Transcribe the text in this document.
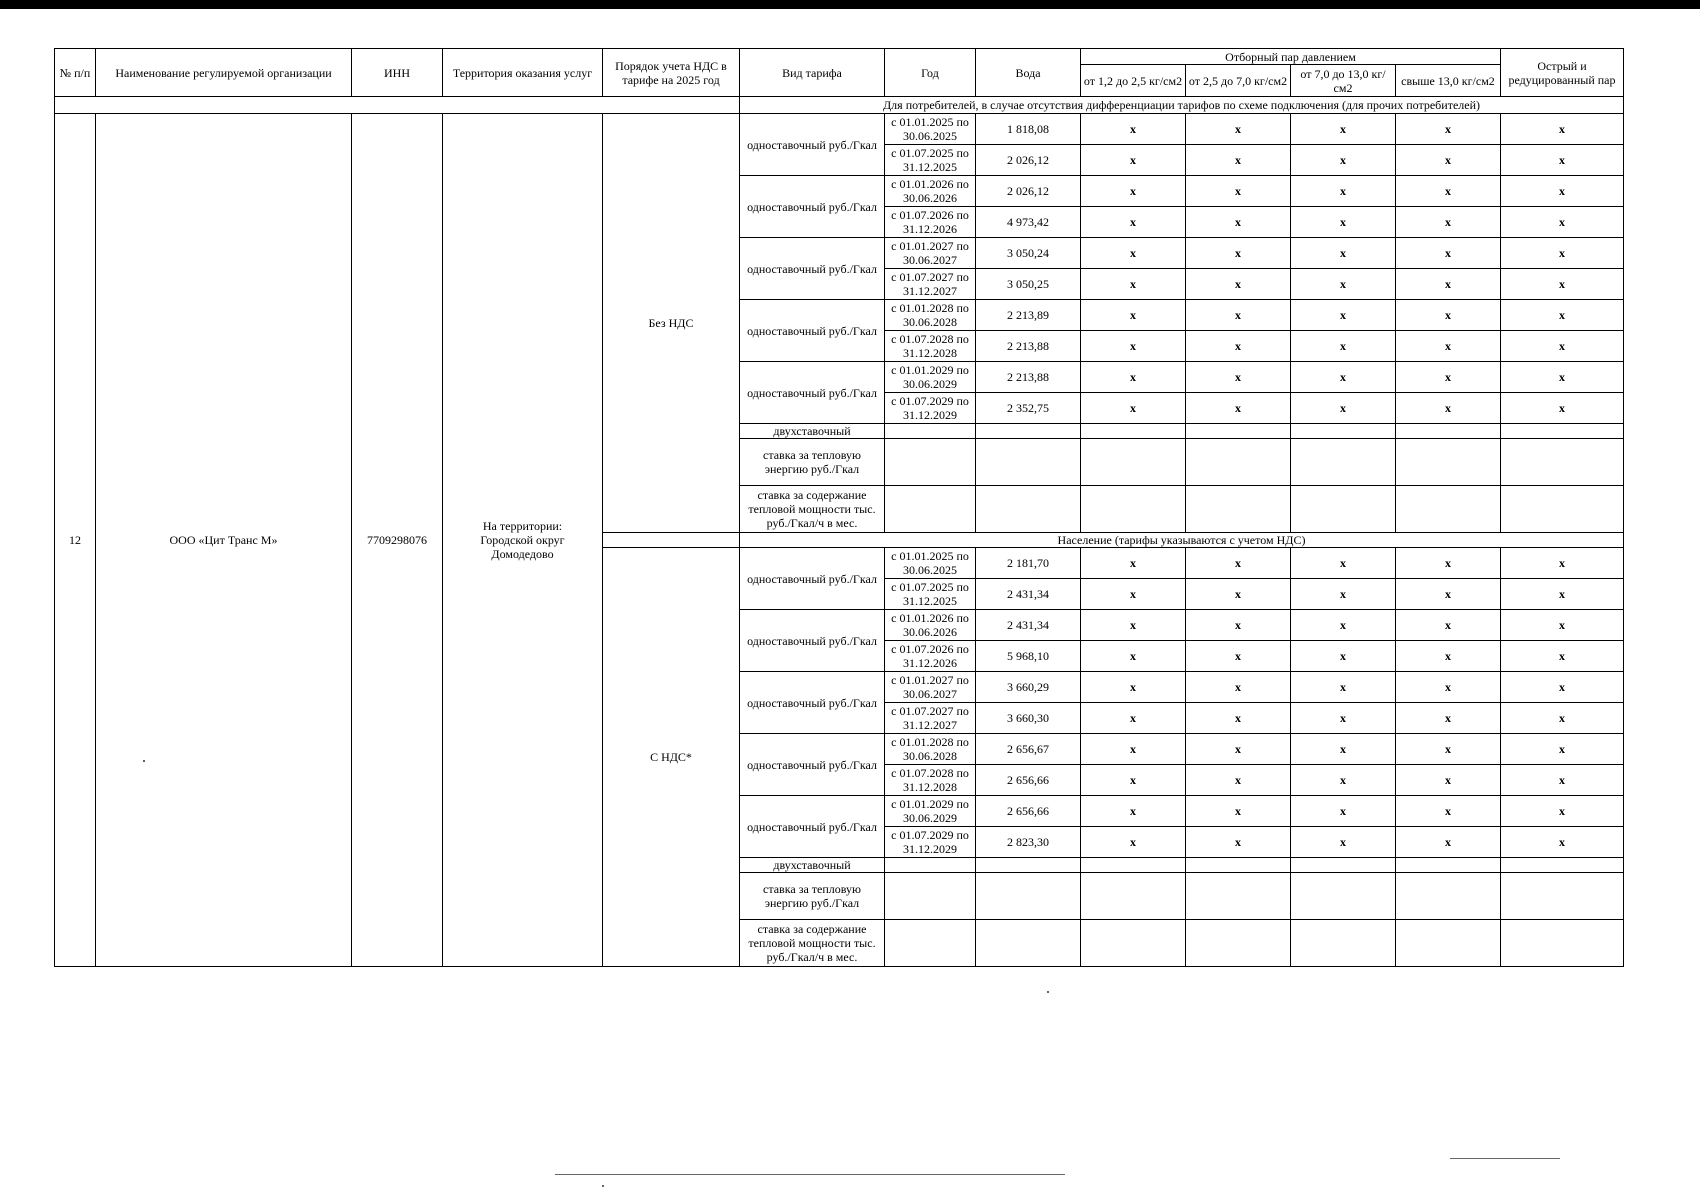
№ п/п	Наименование регулируемой организации	ИНН	Территория оказания услуг	Порядок учета НДС в тарифе на 2025 год	Вид тарифа	Год	Вода	Отборный пар давлением				Острый и редуцированный пар
								от 1,2 до 2,5 кг/см2	от 2,5 до 7,0 кг/см2	от 7,0 до 13,0 кг/см2	свыше 13,0 кг/см2	
					Для потребителей, в случае отсутствия дифференциации тарифов по схеме подключения (для прочих потребителей)							
12	ООО «Цит Транс М»	7709298076	На территории: Городской округ Домодедово	Без НДС	одноставочный руб./Гкал	с 01.01.2025 по 30.06.2025	1 818,08	x	x	x	x	x
						с 01.07.2025 по 31.12.2025	2 026,12	x	x	x	x	x
					одноставочный руб./Гкал	с 01.01.2026 по 30.06.2026	2 026,12	x	x	x	x	x
						с 01.07.2026 по 31.12.2026	4 973,42	x	x	x	x	x
					одноставочный руб./Гкал	с 01.01.2027 по 30.06.2027	3 050,24	x	x	x	x	x
						с 01.07.2027 по 31.12.2027	3 050,25	x	x	x	x	x
					одноставочный руб./Гкал	с 01.01.2028 по 30.06.2028	2 213,89	x	x	x	x	x
						с 01.07.2028 по 31.12.2028	2 213,88	x	x	x	x	x
					одноставочный руб./Гкал	с 01.01.2029 по 30.06.2029	2 213,88	x	x	x	x	x
						с 01.07.2029 по 31.12.2029	2 352,75	x	x	x	x	x
					двухставочный							
					ставка за тепловую энергию руб./Гкал							
					ставка за содержание тепловой мощности тыс. руб./Гкал/ч в мес.							
					Население (тарифы указываются с учетом НДС)							
				С НДС*	одноставочный руб./Гкал	с 01.01.2025 по 30.06.2025	2 181,70	x	x	x	x	x
						с 01.07.2025 по 31.12.2025	2 431,34	x	x	x	x	x
					одноставочный руб./Гкал	с 01.01.2026 по 30.06.2026	2 431,34	x	x	x	x	x
						с 01.07.2026 по 31.12.2026	5 968,10	x	x	x	x	x
					одноставочный руб./Гкал	с 01.01.2027 по 30.06.2027	3 660,29	x	x	x	x	x
						с 01.07.2027 по 31.12.2027	3 660,30	x	x	x	x	x
					одноставочный руб./Гкал	с 01.01.2028 по 30.06.2028	2 656,67	x	x	x	x	x
						с 01.07.2028 по 31.12.2028	2 656,66	x	x	x	x	x
					одноставочный руб./Гкал	с 01.01.2029 по 30.06.2029	2 656,66	x	x	x	x	x
						с 01.07.2029 по 31.12.2029	2 823,30	x	x	x	x	x
					двухставочный							
					ставка за тепловую энергию руб./Гкал							
					ставка за содержание тепловой мощности тыс. руб./Гкал/ч в мес.							
